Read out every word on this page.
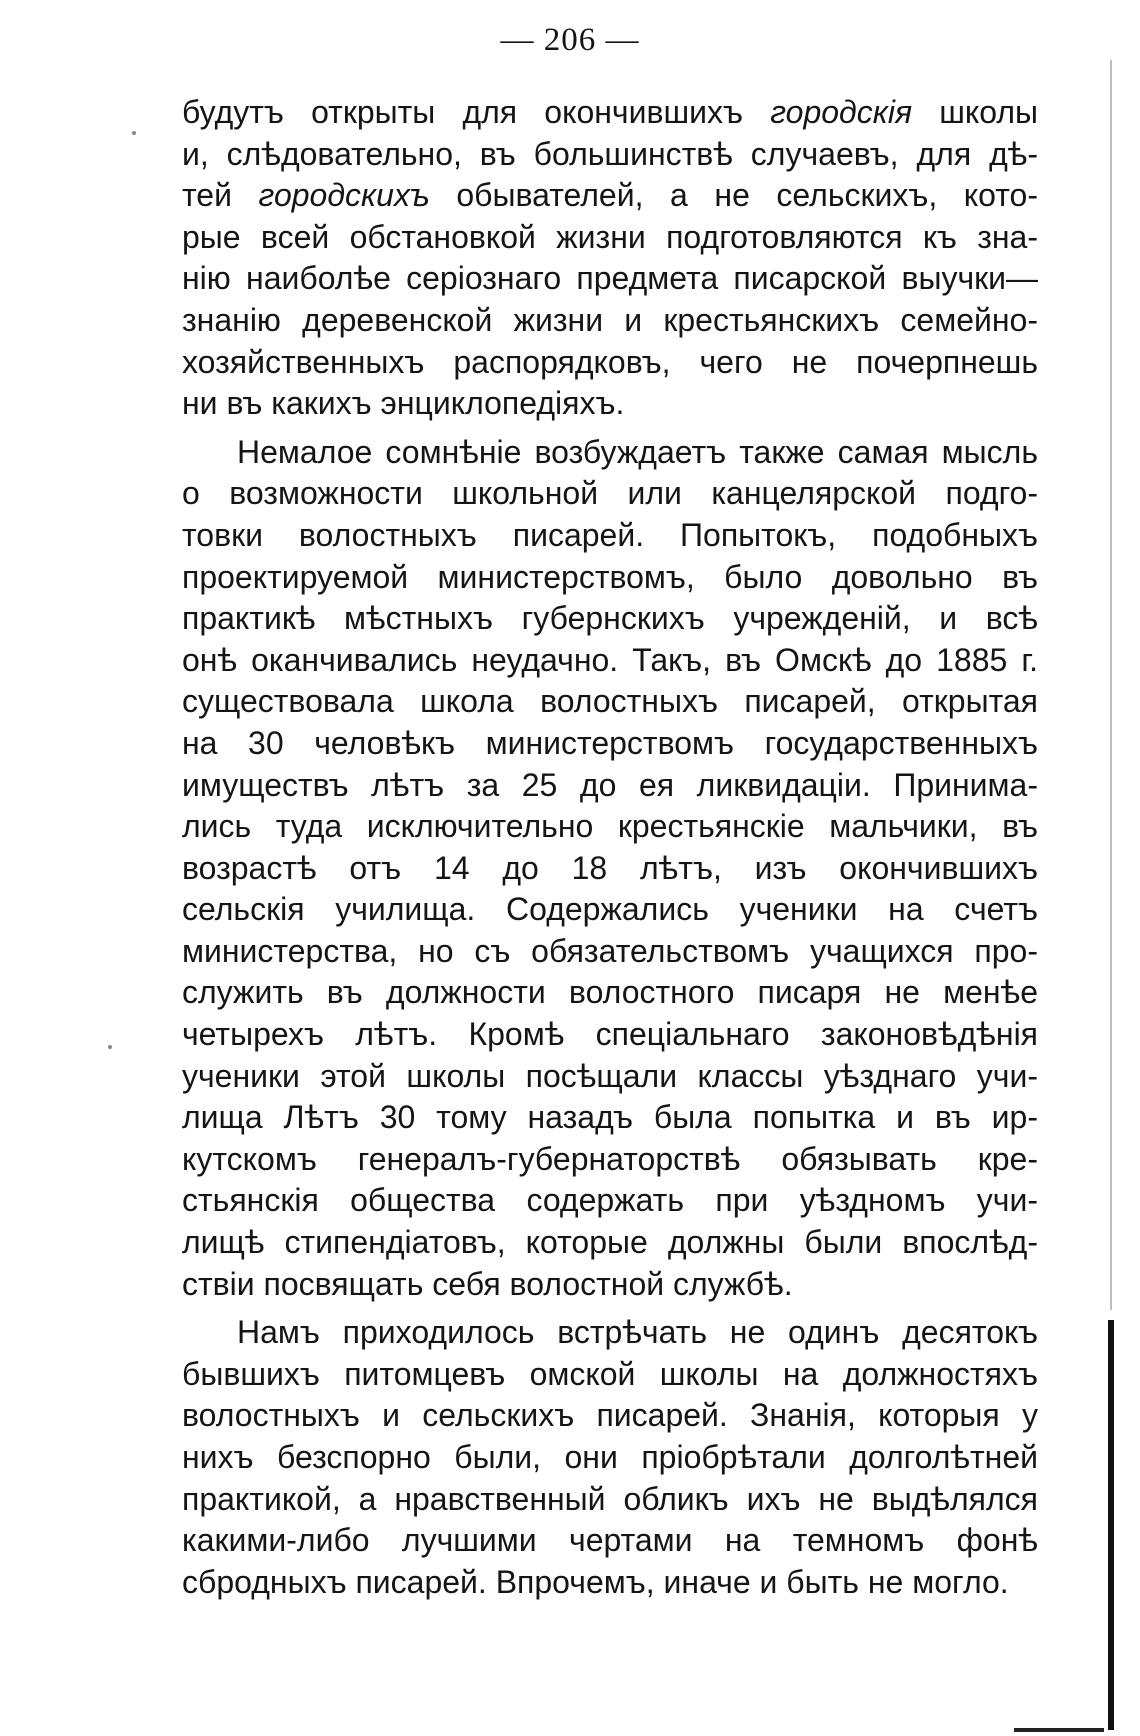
— 206 —
будутъ открыты для окончившихъ городскія школы
и, слѣдовательно, въ большинствѣ случаевъ, для дѣ-
тей городскихъ обывателей, а не сельскихъ, кото-
рые всей обстановкой жизни подготовляются къ зна-
нію наиболѣе серіознаго предмета писарской выучки—
знанію деревенской жизни и крестьянскихъ семейно-
хозяйственныхъ распорядковъ, чего не почерпнешь
ни въ какихъ энциклопедіяхъ.
Немалое сомнѣніе возбуждаетъ также самая мысль
о возможности школьной или канцелярской подго-
товки волостныхъ писарей. Попытокъ, подобныхъ
проектируемой министерствомъ, было довольно въ
практикѣ мѣстныхъ губернскихъ учрежденій, и всѣ
онѣ оканчивались неудачно. Такъ, въ Омскѣ до 1885 г.
существовала школа волостныхъ писарей, открытая
на 30 человѣкъ министерствомъ государственныхъ
имуществъ лѣтъ за 25 до ея ликвидаціи. Принима-
лись туда исключительно крестьянскіе мальчики, въ
возрастѣ отъ 14 до 18 лѣтъ, изъ окончившихъ
сельскія училища. Содержались ученики на счетъ
министерства, но съ обязательствомъ учащихся про-
служить въ должности волостного писаря не менѣе
четырехъ лѣтъ. Кромѣ спеціальнаго законовѣдѣнія
ученики этой школы посѣщали классы уѣзднаго учи-
лища Лѣтъ 30 тому назадъ была попытка и въ ир-
кутскомъ генералъ-губернаторствѣ обязывать кре-
стьянскія общества содержать при уѣздномъ учи-
лищѣ стипендіатовъ, которые должны были впослѣд-
ствіи посвящать себя волостной службѣ.
Намъ приходилось встрѣчать не одинъ десятокъ
бывшихъ питомцевъ омской школы на должностяхъ
волостныхъ и сельскихъ писарей. Знанія, которыя у
нихъ безспорно были, они пріобрѣтали долголѣтней
практикой, а нравственный обликъ ихъ не выдѣлялся
какими-либо лучшими чертами на темномъ фонѣ
сбродныхъ писарей. Впрочемъ, иначе и быть не могло.
